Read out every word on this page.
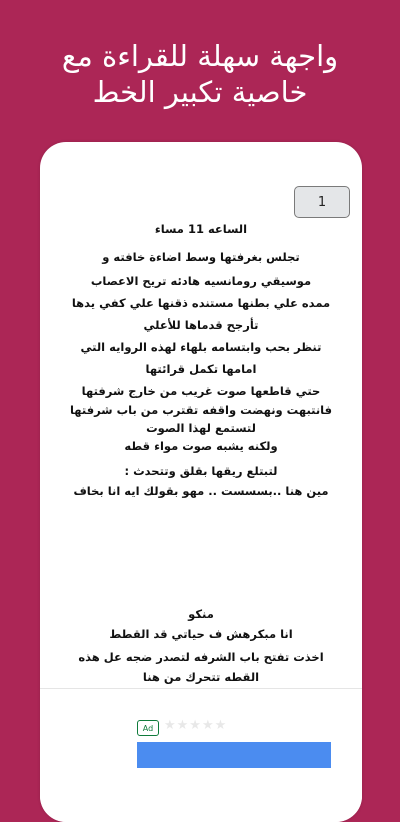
واجهة سهلة للقراءة مع
خاصية تكبير الخط
1

الساعه 11 مساء

تجلس بغرفتها وسط اضاءة خافته و

موسيقي رومانسيه هادئه تريح الاعصاب

ممده علي بطنها مستنده ذقنها علي كفي يدها

تأرجح قدماها للأعلي

تنظر بحب وابتسامه بلهاء لهذه الروايه التي

امامها تكمل قرائتها

حتي قاطعها صوت غريب من خارج شرفتها

فانتبهت ونهضت واقفه تقترب من باب شرفتها

لتستمع لهذا الصوت

ولكنه يشبه صوت مواء قطه

لتبتلع ريقها بقلق وتتحدث :

مين هنا ..بسسست .. مهو بقولك ايه انا بخاف

منكو

انا مبكرهش ف حياتي قد القطط

اخذت تفتح باب الشرفه لتصدر ضجه عل هذه

القطه تتحرك من هنا

Ad ★★★★★
